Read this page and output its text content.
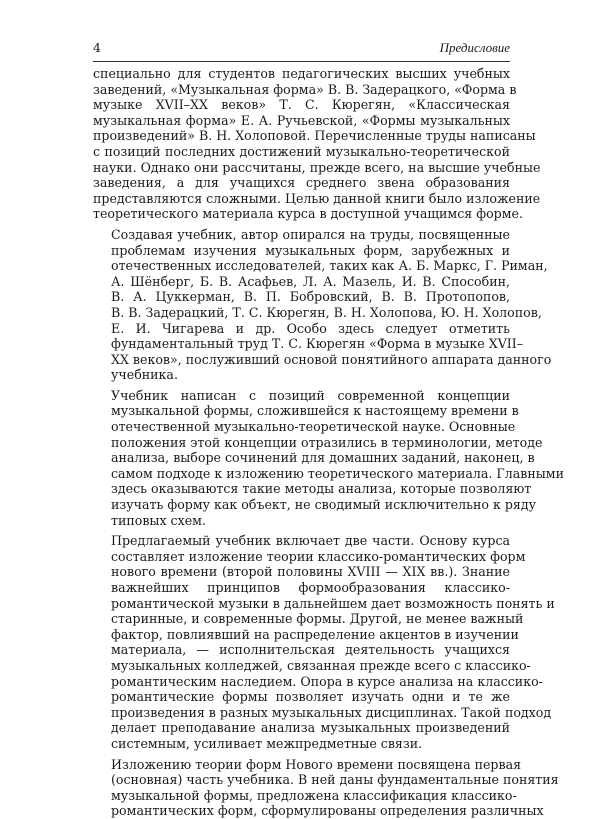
4	Предисловие

специально для студентов педагогических высших учебных
заведений, «Музыкальная форма» В. В. Задерацкого, «Форма в
музыке XVII–XX веков» Т. С. Кюрегян, «Классическая
музыкальная форма» Е. А. Ручьевской, «Формы музыкальных
произведений» В. Н. Холоповой. Перечисленные труды написаны
с позиций последних достижений музыкально-теоретической
науки. Однако они рассчитаны, прежде всего, на высшие учебные
заведения, а для учащихся среднего звена образования
представляются сложными. Целью данной книги было изложение
теоретического материала курса в доступной учащимся форме.

Создавая учебник, автор опирался на труды, посвященные
проблемам изучения музыкальных форм, зарубежных и
отечественных исследователей, таких как А. Б. Маркс, Г. Риман,
А. Шёнберг, Б. В. Асафьев, Л. А. Мазель, И. В. Способин,
В. А. Цуккерман, В. П. Бобровский, В. В. Протопопов,
В. В. Задерацкий, Т. С. Кюрегян, В. Н. Холопова, Ю. Н. Холопов,
Е. И. Чигарева и др. Особо здесь следует отметить
фундаментальный труд Т. С. Кюрегян «Форма в музыке XVII–
XX веков», послуживший основой понятийного аппарата данного
учебника.

Учебник написан с позиций современной концепции
музыкальной формы, сложившейся к настоящему времени в
отечественной музыкально-теоретической науке. Основные
положения этой концепции отразились в терминологии, методе
анализа, выборе сочинений для домашних заданий, наконец, в
самом подходе к изложению теоретического материала. Главными
здесь оказываются такие методы анализа, которые позволяют
изучать форму как объект, не сводимый исключительно к ряду
типовых схем.

Предлагаемый учебник включает две части. Основу курса
составляет изложение теории классико-романтических форм
нового времени (второй половины XVIII — XIX вв.). Знание
важнейших принципов формообразования классико-
романтической музыки в дальнейшем дает возможность понять и
старинные, и современные формы. Другой, не менее важный
фактор, повлиявший на распределение акцентов в изучении
материала, — исполнительская деятельность учащихся
музыкальных колледжей, связанная прежде всего с классико-
романтическим наследием. Опора в курсе анализа на классико-
романтические формы позволяет изучать одни и те же
произведения в разных музыкальных дисциплинах. Такой подход
делает преподавание анализа музыкальных произведений
системным, усиливает межпредметные связи.

Изложению теории форм Нового времени посвящена первая
(основная) часть учебника. В ней даны фундаментальные понятия
музыкальной формы, предложена классификация классико-
романтических форм, сформулированы определения различных
